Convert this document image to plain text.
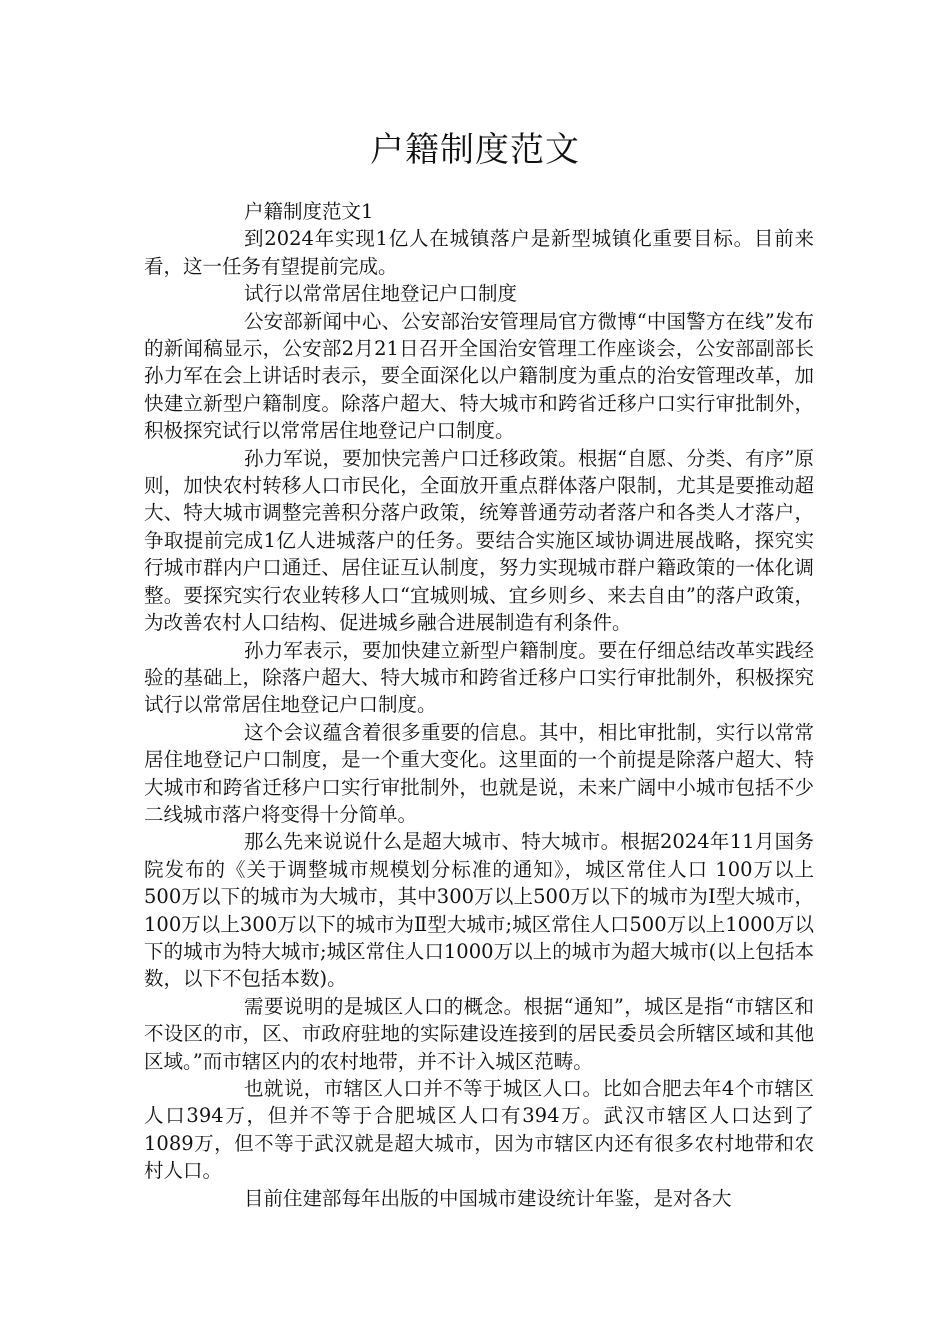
户籍制度范文

户籍制度范文1

到2024年实现1亿人在城镇落户是新型城镇化重要目标。目前来看，这一任务有望提前完成。

试行以常常居住地登记户口制度

公安部新闻中心、公安部治安管理局官方微博“中国警方在线”发布的新闻稿显示，公安部2月21日召开全国治安管理工作座谈会，公安部副部长孙力军在会上讲话时表示，要全面深化以户籍制度为重点的治安管理改革，加快建立新型户籍制度。除落户超大、特大城市和跨省迁移户口实行审批制外，积极探究试行以常常居住地登记户口制度。

孙力军说，要加快完善户口迁移政策。根据“自愿、分类、有序”原则，加快农村转移人口市民化，全面放开重点群体落户限制，尤其是要推动超大、特大城市调整完善积分落户政策，统筹普通劳动者落户和各类人才落户，争取提前完成1亿人进城落户的任务。要结合实施区域协调进展战略，探究实行城市群内户口通迁、居住证互认制度，努力实现城市群户籍政策的一体化调整。要探究实行农业转移人口“宜城则城、宜乡则乡、来去自由”的落户政策，为改善农村人口结构、促进城乡融合进展制造有利条件。

孙力军表示，要加快建立新型户籍制度。要在仔细总结改革实践经验的基础上，除落户超大、特大城市和跨省迁移户口实行审批制外，积极探究试行以常常居住地登记户口制度。

这个会议蕴含着很多重要的信息。其中，相比审批制，实行以常常居住地登记户口制度，是一个重大变化。这里面的一个前提是除落户超大、特大城市和跨省迁移户口实行审批制外，也就是说，未来广阔中小城市包括不少二线城市落户将变得十分简单。

那么先来说说什么是超大城市、特大城市。根据2024年11月国务院发布的《关于调整城市规模划分标准的通知》，城区常住人口 100万以上500万以下的城市为大城市，其中300万以上500万以下的城市为Ⅰ型大城市，100万以上300万以下的城市为Ⅱ型大城市;城区常住人口500万以上1000万以下的城市为特大城市;城区常住人口1000万以上的城市为超大城市(以上包括本数，以下不包括本数)。

需要说明的是城区人口的概念。根据“通知”，城区是指“市辖区和不设区的市，区、市政府驻地的实际建设连接到的居民委员会所辖区域和其他区域。”而市辖区内的农村地带，并不计入城区范畴。

也就说，市辖区人口并不等于城区人口。比如合肥去年4个市辖区人口394万，但并不等于合肥城区人口有394万。武汉市辖区人口达到了1089万，但不等于武汉就是超大城市，因为市辖区内还有很多农村地带和农村人口。

目前住建部每年出版的中国城市建设统计年鉴，是对各大
